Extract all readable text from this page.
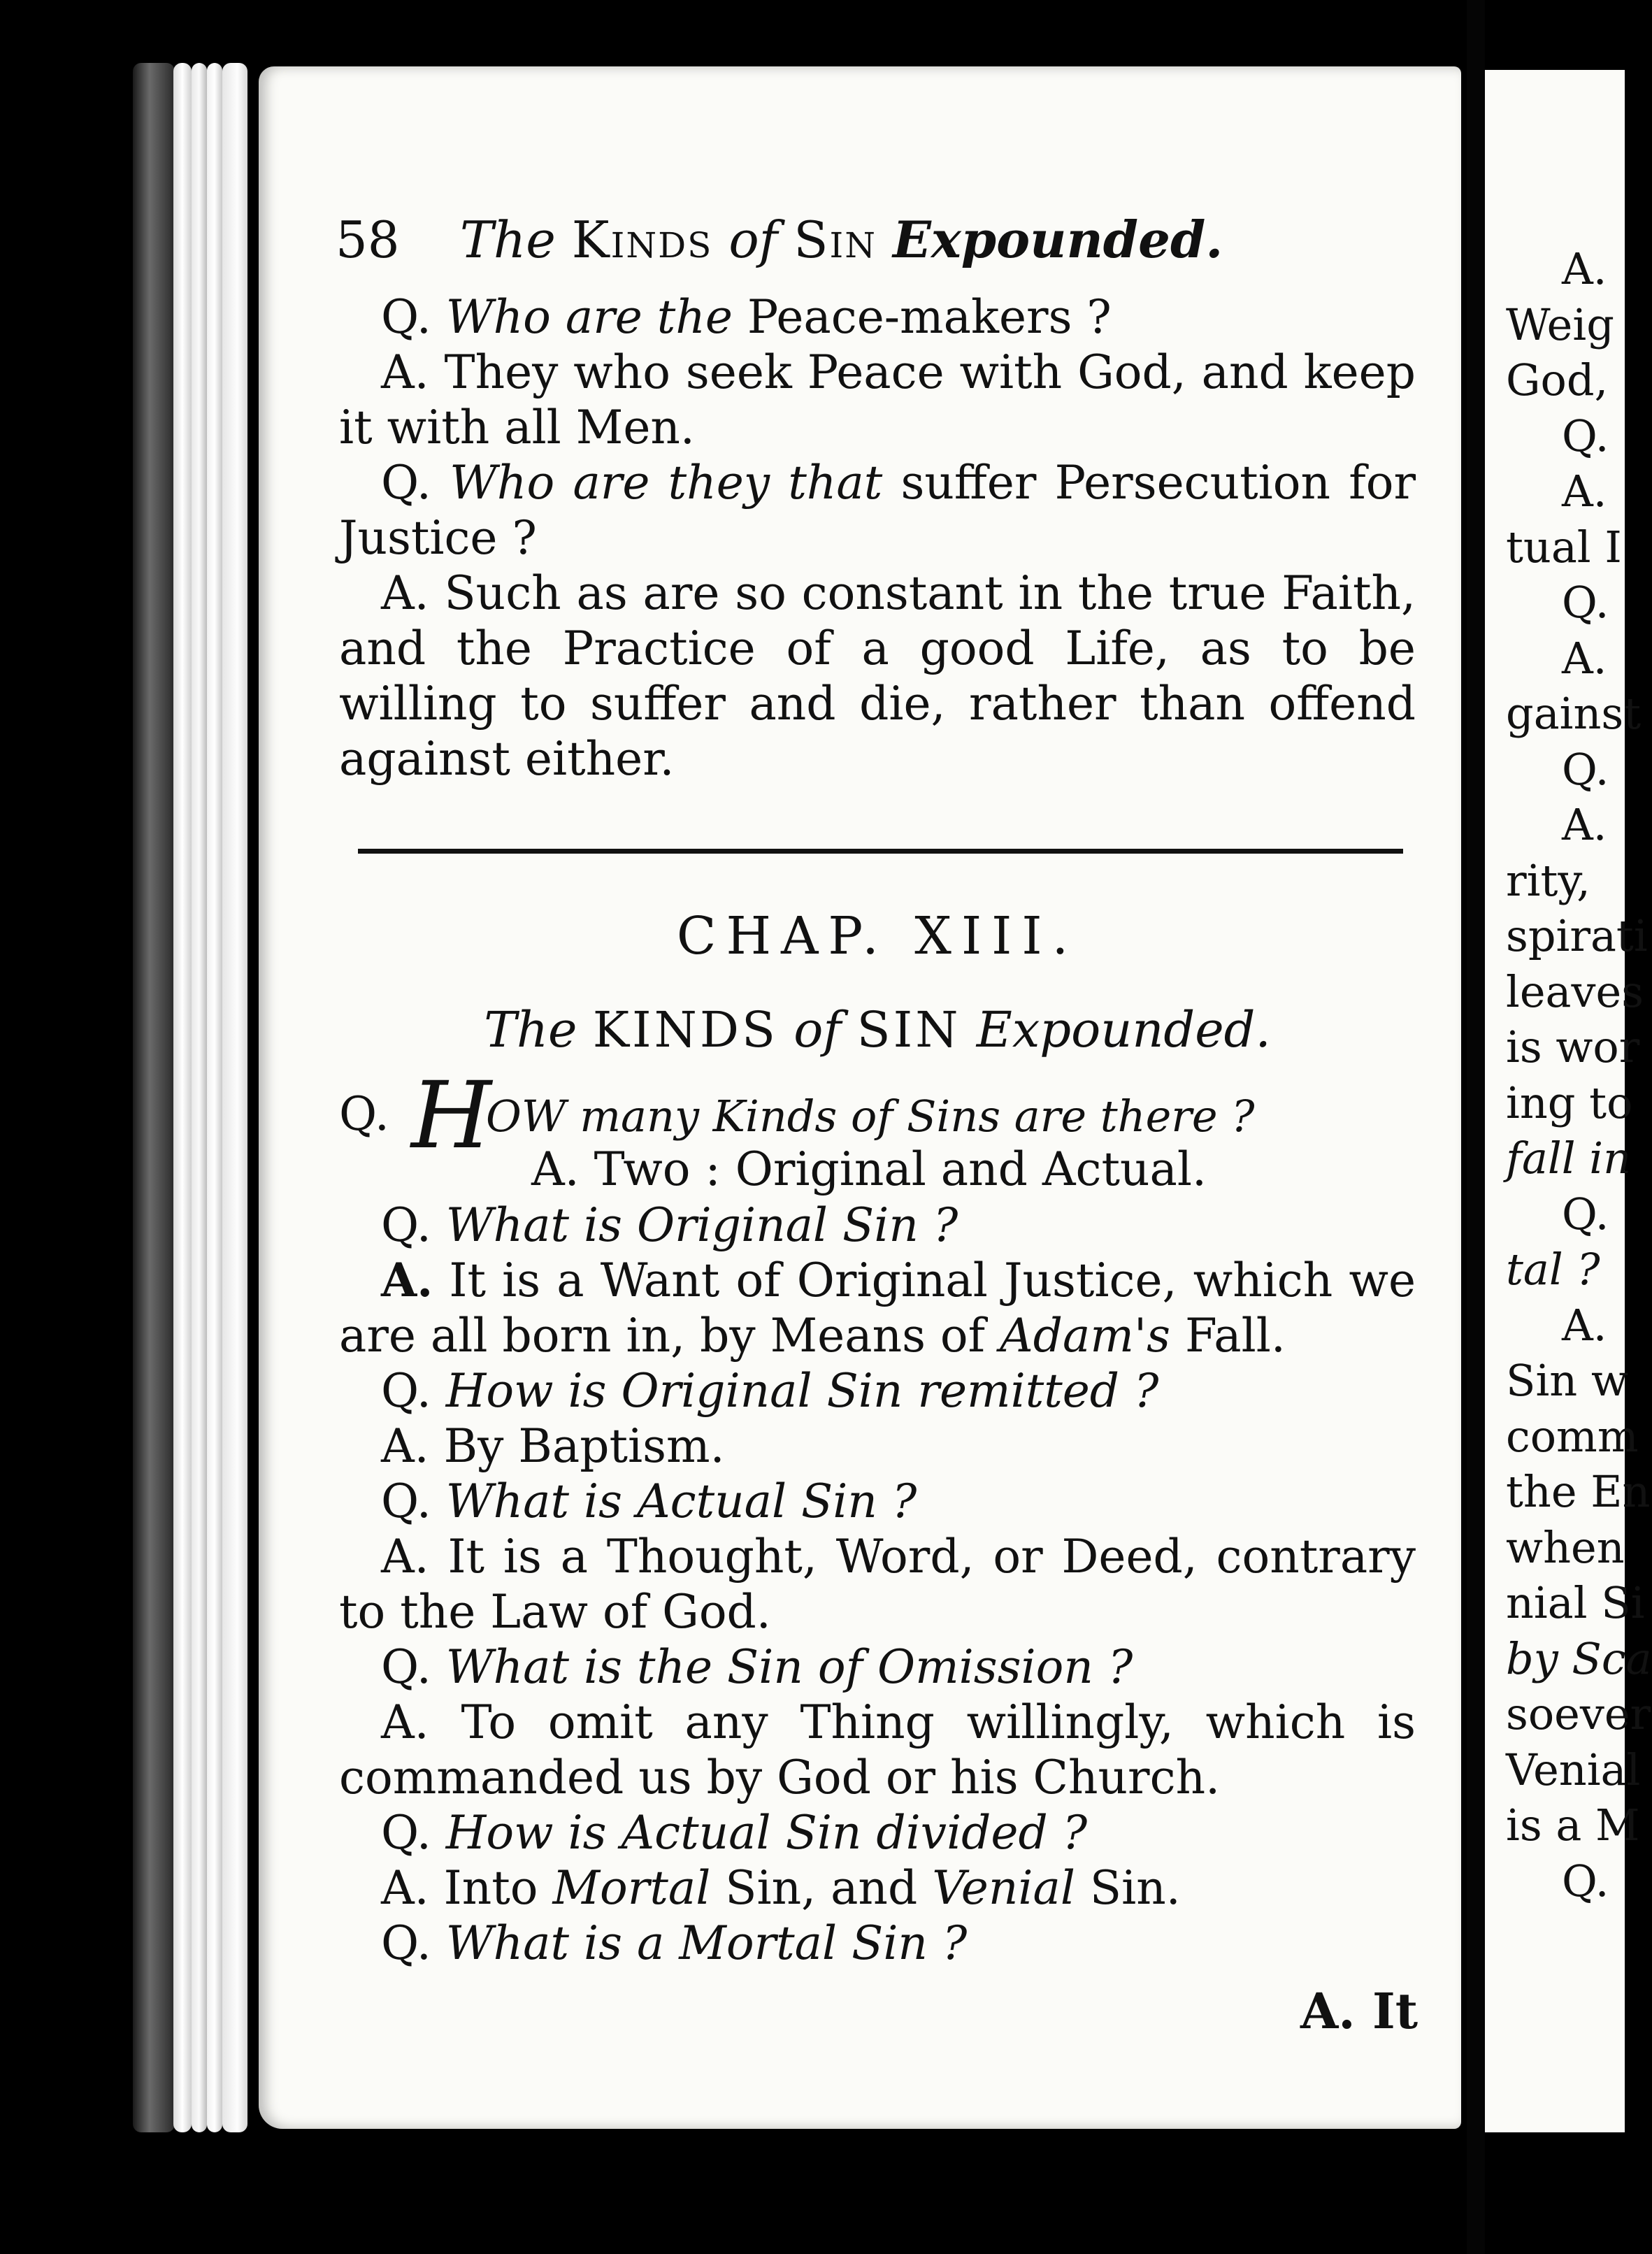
58 The Kinds of Sin Expounded.

Q. Who are the Peace-makers ?

A. They who seek Peace with God, and keep it with all Men.

Q. Who are they that suffer Persecution for Justice ?

A. Such as are so constant in the true Faith, and the Practice of a good Life, as to be willing to suffer and die, rather than offend against either.

CHAP. XIII.
The KINDS of SIN Expounded.
Q. H
OW many Kinds of Sins are there ?
A. Two : Original and Actual.

Q. What is Original Sin ?

A. It is a Want of Original Justice, which we are all born in, by Means of Adam's Fall.

Q. How is Original Sin remitted ?

A. By Baptism.

Q. What is Actual Sin ?

A. It is a Thought, Word, or Deed, contrary to the Law of God.

Q. What is the Sin of Omission ?

A. To omit any Thing willingly, which is commanded us by God or his Church.

Q. How is Actual Sin divided ?

A. Into Mortal Sin, and Venial Sin.

Q. What is a Mortal Sin ?

A. It
A.
Weig
God,
Q.
A.
tual I
Q.
A.
gainst
Q.
A.
rity,
spirati
leaves
is wor
ing to
fall in
Q.
tal ?
A.
Sin w
comm
the En
when
nial Si
by Sca
soever
Venial
is a M
Q.
